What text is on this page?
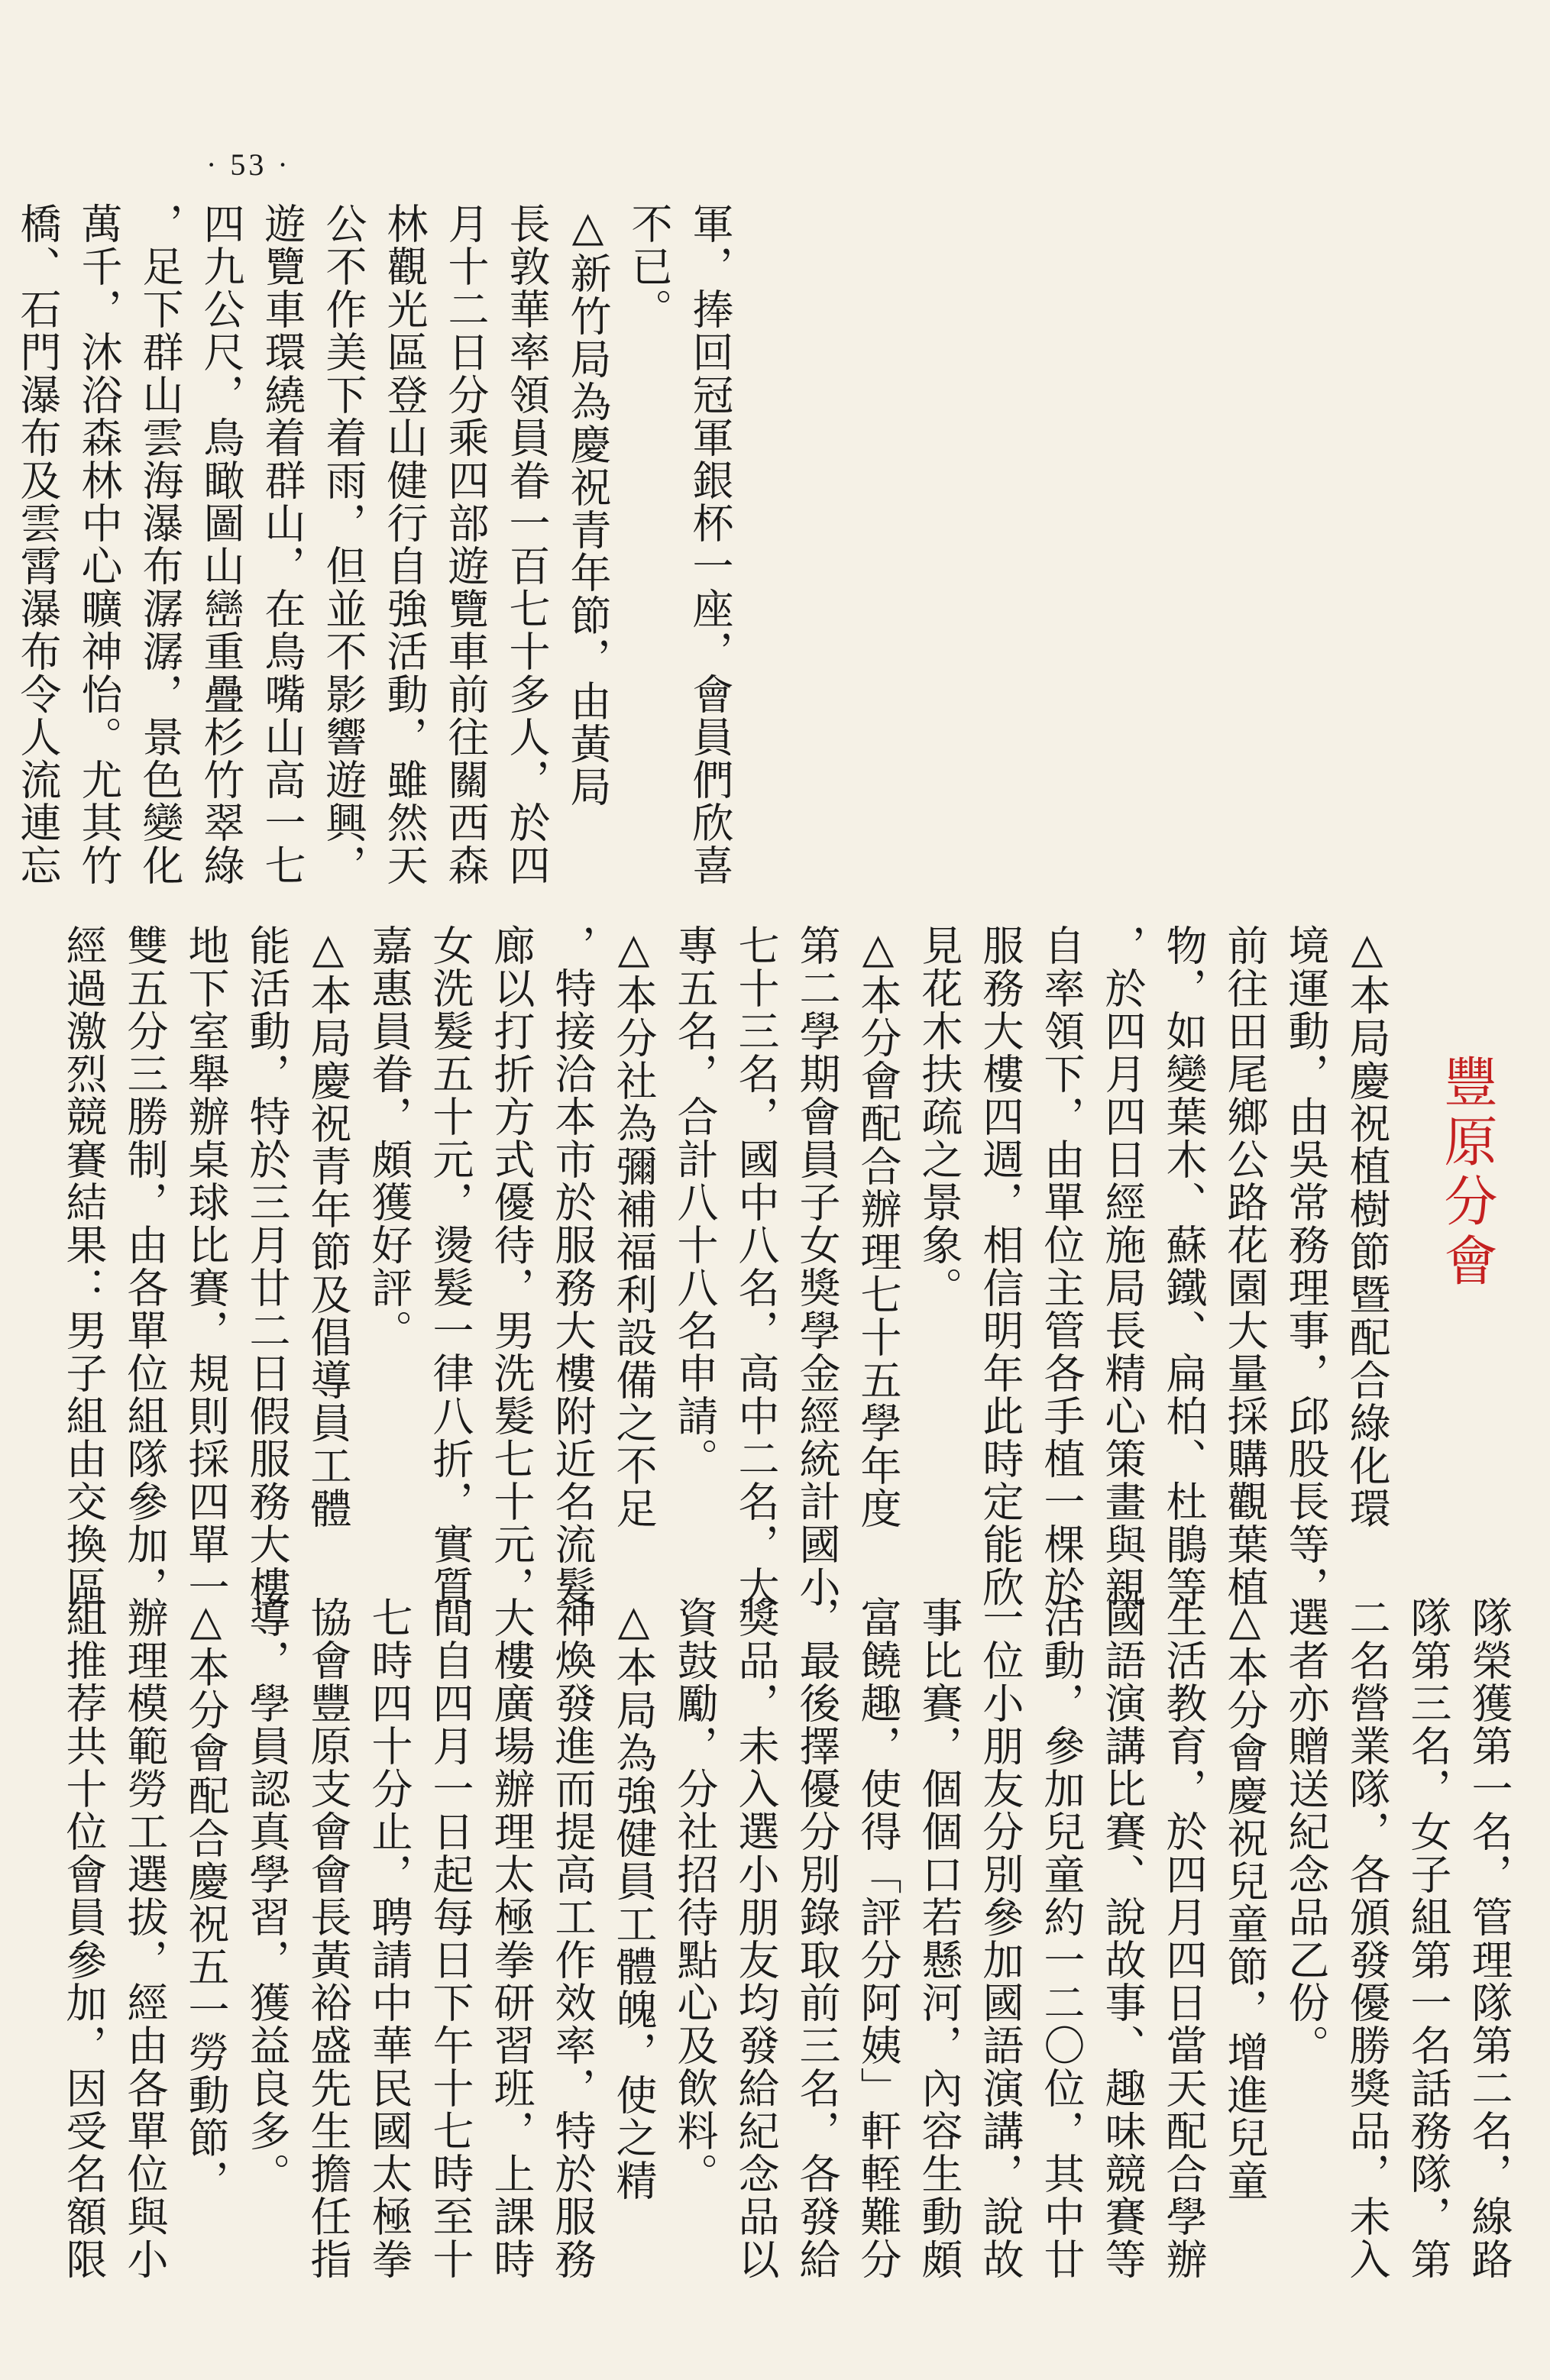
· 53 ·
豐原分會
軍，捧回冠軍銀杯一座，會員們欣喜
不已。
△新竹局為慶祝青年節，由黃局
長敦華率領員眷一百七十多人，於四
月十二日分乘四部遊覽車前往關西森
林觀光區登山健行自強活動，雖然天
公不作美下着雨，但並不影響遊興，
遊覽車環繞着群山，在鳥嘴山高一七
四九公尺，鳥瞰圖山巒重疊杉竹翠綠
，足下群山雲海瀑布潺潺，景色變化
萬千，沐浴森林中心曠神怡。尤其竹
橋、石門瀑布及雲霄瀑布令人流連忘
△本局慶祝植樹節暨配合綠化環
境運動，由吳常務理事，邱股長等，
前往田尾鄉公路花園大量採購觀葉植
物，如變葉木、蘇鐵、扁柏、杜鵑等
，於四月四日經施局長精心策畫與親
自率領下，由單位主管各手植一棵於
服務大樓四週，相信明年此時定能欣
見花木扶疏之景象。
△本分會配合辦理七十五學年度
第二學期會員子女獎學金經統計國小
七十三名，國中八名，高中二名，大
專五名，合計八十八名申請。
△本分社為彌補福利設備之不足
，特接洽本市於服務大樓附近名流髮
廊以打折方式優待，男洗髮七十元，
女洗髮五十元，燙髮一律八折，實質
嘉惠員眷，頗獲好評。
△本局慶祝青年節及倡導員工體
能活動，特於三月廿二日假服務大樓
地下室舉辦桌球比賽，規則採四單一
雙五分三勝制，由各單位組隊參加，
經過激烈競賽結果：男子組由交換區
隊榮獲第一名，管理隊第二名，線路
隊第三名，女子組第一名話務隊，第
二名營業隊，各頒發優勝獎品，未入
選者亦贈送紀念品乙份。
△本分會慶祝兒童節，增進兒童
生活教育，於四月四日當天配合學辦
國語演講比賽、說故事、趣味競賽等
活動，參加兒童約一二〇位，其中廿
一位小朋友分別參加國語演講，說故
事比賽，個個口若懸河，內容生動頗
富饒趣，使得「評分阿姨」軒輊難分
，最後擇優分別錄取前三名，各發給
獎品，未入選小朋友均發給紀念品以
資鼓勵，分社招待點心及飲料。
△本局為強健員工體魄，使之精
神煥發進而提高工作效率，特於服務
大樓廣場辦理太極拳研習班，上課時
間自四月一日起每日下午十七時至十
七時四十分止，聘請中華民國太極拳
協會豐原支會會長黃裕盛先生擔任指
導，學員認真學習，獲益良多。
△本分會配合慶祝五一勞動節，
辦理模範勞工選拔，經由各單位與小
組推荐共十位會員參加，因受名額限
